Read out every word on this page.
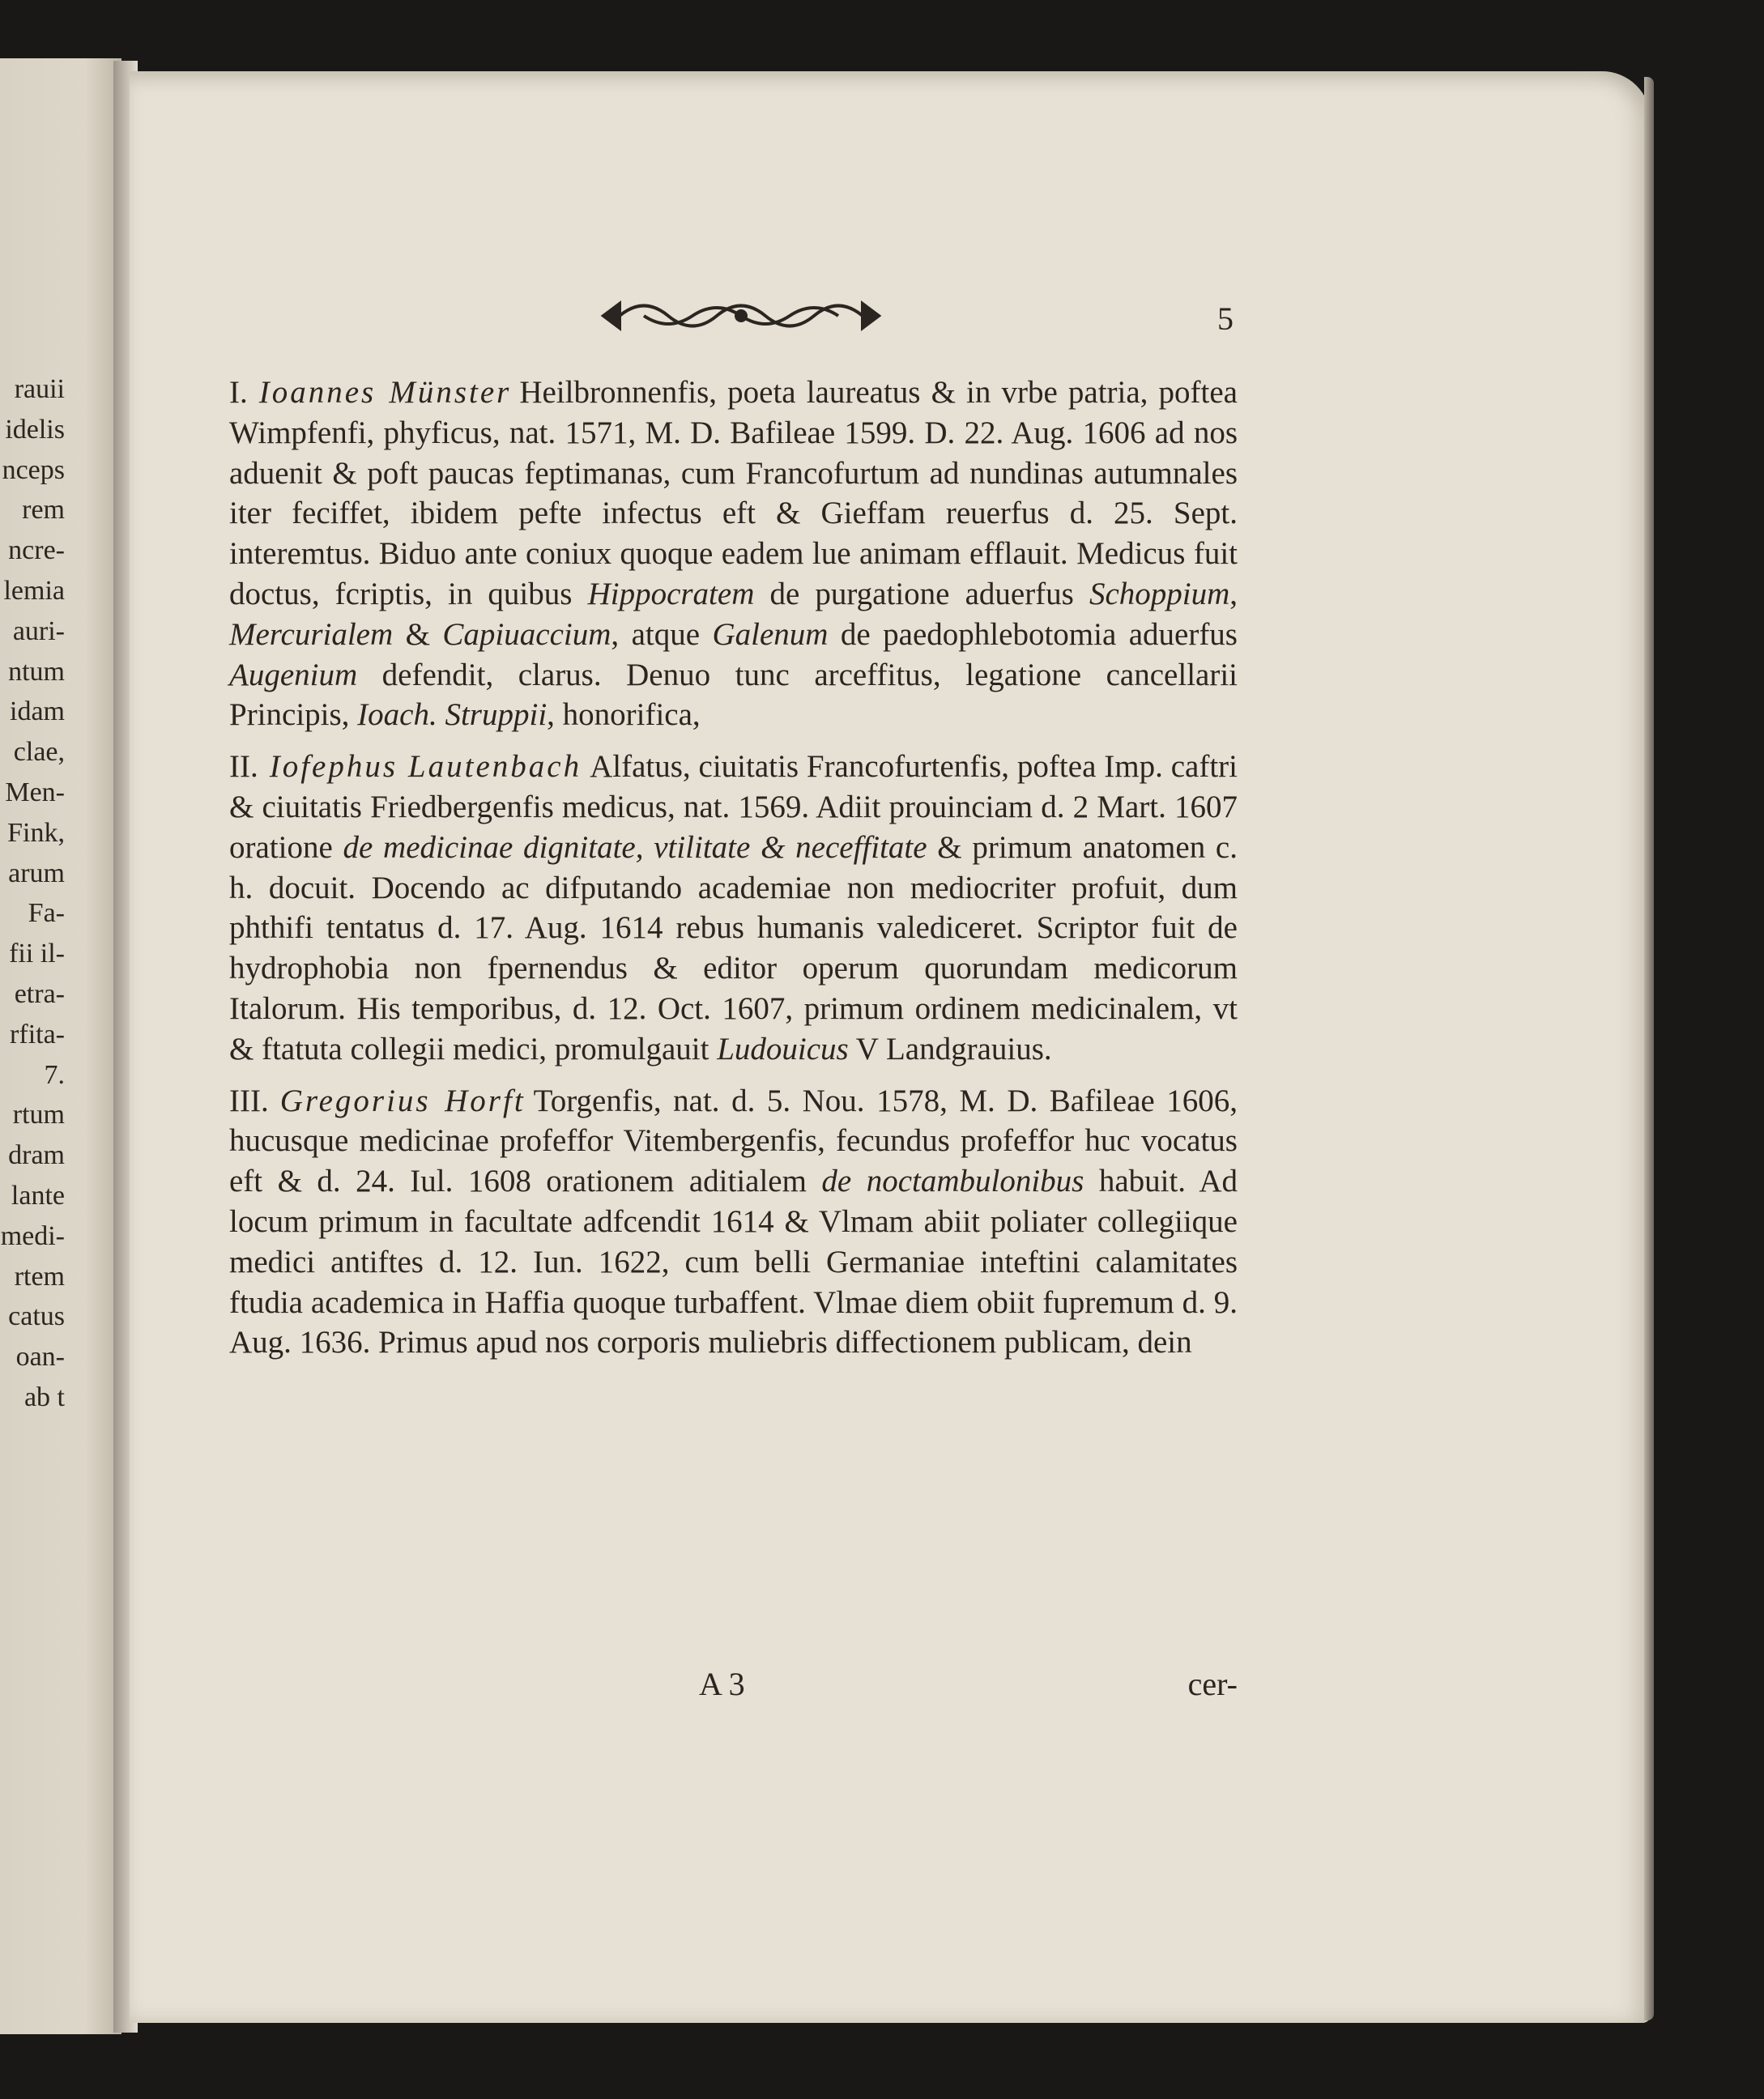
rauii
idelis
nceps
rem
ncre-
lemia
auri-
ntum
idam
clae,
Men-
Fink,
arum
Fa-
fii il-
etra-
rfita-
7.
rtum
dram
lante
medi-
rtem
catus
oan-
ab t
5

I. Ioannes Münster Heilbronnenfis, poeta laureatus & in vrbe patria, poftea Wimpfenfi, phyficus, nat. 1571, M. D. Bafileae 1599. D. 22. Aug. 1606 ad nos aduenit & poft paucas feptimanas, cum Francofurtum ad nundinas autumnales iter feciffet, ibidem pefte infectus eft & Gieffam reuerfus d. 25. Sept. interemtus. Biduo ante coniux quoque eadem lue animam efflauit. Medicus fuit doctus, fcriptis, in quibus Hippocratem de purgatione aduerfus Schoppium, Mercurialem & Capiuaccium, atque Galenum de paedophlebotomia aduerfus Augenium defendit, clarus. Denuo tunc arceffitus, legatione cancellarii Principis, Ioach. Struppii, honorifica,

II. Iofephus Lautenbach Alfatus, ciuitatis Francofurtenfis, poftea Imp. caftri & ciuitatis Friedbergenfis medicus, nat. 1569. Adiit prouinciam d. 2 Mart. 1607 oratione de medicinae dignitate, vtilitate & neceffitate & primum anatomen c. h. docuit. Docendo ac difputando academiae non mediocriter profuit, dum phthifi tentatus d. 17. Aug. 1614 rebus humanis valediceret. Scriptor fuit de hydrophobia non fpernendus & editor operum quorundam medicorum Italorum. His temporibus, d. 12. Oct. 1607, primum ordinem medicinalem, vt & ftatuta collegii medici, promulgauit Ludouicus V Landgrauius.

III. Gregorius Horft Torgenfis, nat. d. 5. Nou. 1578, M. D. Bafileae 1606, hucusque medicinae profeffor Vitembergenfis, fecundus profeffor huc vocatus eft & d. 24. Iul. 1608 orationem aditialem de noctambulonibus habuit. Ad locum primum in facultate adfcendit 1614 & Vlmam abiit poliater collegiique medici antiftes d. 12. Iun. 1622, cum belli Germaniae inteftini calamitates ftudia academica in Haffia quoque turbaffent. Vlmae diem obiit fupremum d. 9. Aug. 1636. Primus apud nos corporis muliebris diffectionem publicam, dein

A 3	cer-
